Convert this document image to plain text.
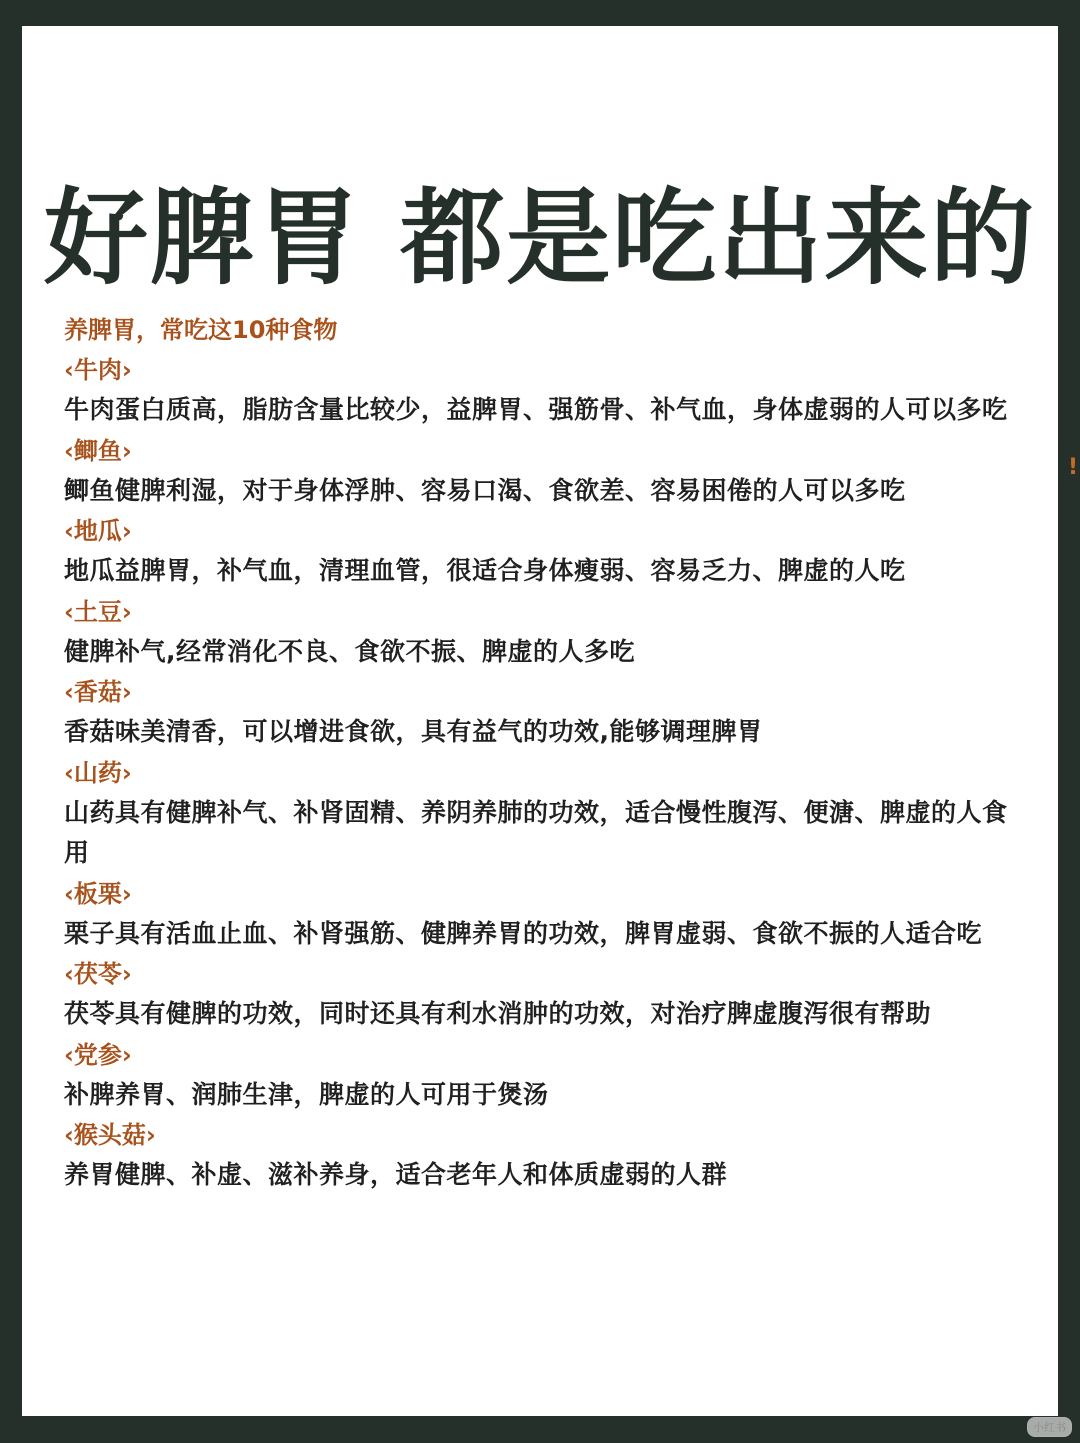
好脾胃 都是吃出来的
养脾胃，常吃这10种食物
‹牛肉›
牛肉蛋白质高，脂肪含量比较少，益脾胃、强筋骨、补气血，身体虚弱的人可以多吃
‹鲫鱼›
鲫鱼健脾利湿，对于身体浮肿、容易口渴、食欲差、容易困倦的人可以多吃
‹地瓜›
地瓜益脾胃，补气血，清理血管，很适合身体瘦弱、容易乏力、脾虚的人吃
‹土豆›
健脾补气,经常消化不良、食欲不振、脾虚的人多吃
‹香菇›
香菇味美清香，可以增进食欲，具有益气的功效,能够调理脾胃
‹山药›
山药具有健脾补气、补肾固精、养阴养肺的功效，适合慢性腹泻、便溏、脾虚的人食用
‹板栗›
栗子具有活血止血、补肾强筋、健脾养胃的功效，脾胃虚弱、食欲不振的人适合吃
‹茯苓›
茯苓具有健脾的功效，同时还具有利水消肿的功效，对治疗脾虚腹泻很有帮助
‹党参›
补脾养胃、润肺生津，脾虚的人可用于煲汤
‹猴头菇›
养胃健脾、补虚、滋补养身，适合老年人和体质虚弱的人群
!
小红书
